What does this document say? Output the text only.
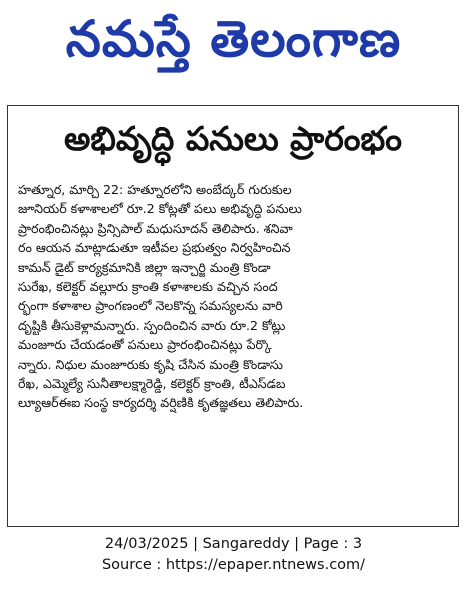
నమస్తే తెలంగాణ
అభివృద్ధి పనులు ప్రారంభం
హత్నూర, మార్చి 22: హత్నూరలోని అంబేద్కర్ గురుకుల
జూనియర్ కళాశాలలో రూ.2 కోట్లతో పలు అభివృద్ధి పనులు
ప్రారంభించినట్లు ప్రిన్సిపాల్ మధుసూదన్ తెలిపారు. శనివా
రం ఆయన మాట్లాడుతూ ఇటీవల ప్రభుత్వం నిర్వహించిన
కామన్ డైట్ కార్యక్రమానికి జిల్లా ఇన్చార్జి మంత్రి కొండా
సురేఖ, కలెక్టర్ వల్లూరు క్రాంతి కళాశాలకు వచ్చిన సంద
ర్భంగా కళాశాల ప్రాంగణంలో నెలకొన్న సమస్యలను వారి
దృష్టికి తీసుకెళ్లామన్నారు. స్పందించిన వారు రూ.2 కోట్లు
మంజూరు చేయడంతో పనులు ప్రారంభించినట్లు పేర్కొ
న్నారు. నిధుల మంజూరుకు కృషి చేసిన మంత్రి కొండాసు
రేఖ, ఎమ్మెల్యే సునీతాలక్ష్మారెడ్డి, కలెక్టర్ క్రాంతి, టీఎస్‌డబ
ల్యూఆర్ఈఐ సంస్థ కార్యదర్శి వర్షిణికి కృతజ్ఞతలు తెలిపారు.
24/03/2025 | Sangareddy | Page : 3
Source : https://epaper.ntnews.com/
